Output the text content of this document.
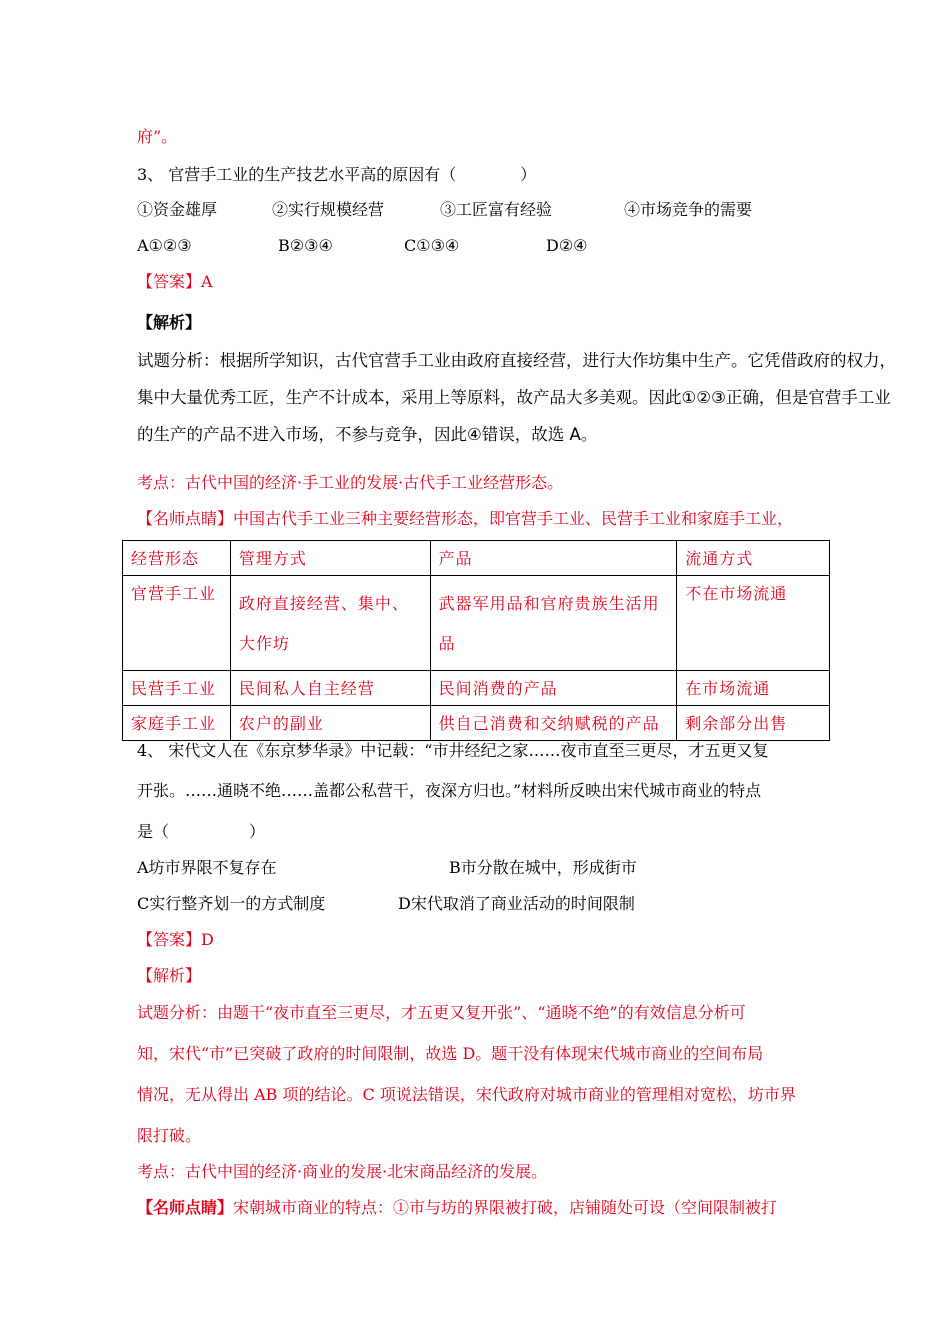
府”。
3、 官营手工业的生产技艺水平高的原因有（　　　　）
①资金雄厚	②实行规模经营	③工匠富有经验	④市场竞争的需要
A①②③	B②③④	C①③④	D②④
【答案】A
【解析】
试题分析：根据所学知识，古代官营手工业由政府直接经营，进行大作坊集中生产。它凭借政府的权力，
集中大量优秀工匠，生产不计成本，采用上等原料，故产品大多美观。因此①②③正确，但是官营手工业
的生产的产品不进入市场，不参与竞争，因此④错误，故选 A。
考点：古代中国的经济·手工业的发展·古代手工业经营形态。
【名师点睛】中国古代手工业三种主要经营形态，即官营手工业、民营手工业和家庭手工业，
经营形态	管理方式	产品	流通方式

官营手工业	政府直接经营、集中、大作坊	武器军用品和官府贵族生活用品	不在市场流通

民营手工业	民间私人自主经营	民间消费的产品	在市场流通

家庭手工业	农户的副业	供自己消费和交纳赋税的产品	剩余部分出售
4、 宋代文人在《东京梦华录》中记载：“市井经纪之家……夜市直至三更尽，才五更又复
开张。……通晓不绝……盖都公私营干，夜深方归也。”材料所反映出宋代城市商业的特点
是（　　　　　）
A坊市界限不复存在	B市分散在城中，形成街市
C实行整齐划一的方式制度	D宋代取消了商业活动的时间限制
【答案】D
【解析】
试题分析：由题干“夜市直至三更尽，才五更又复开张”、“通晓不绝”的有效信息分析可
知，宋代“市”已突破了政府的时间限制，故选 D。题干没有体现宋代城市商业的空间布局
情况，无从得出 AB 项的结论。C 项说法错误，宋代政府对城市商业的管理相对宽松，坊市界
限打破。
考点：古代中国的经济·商业的发展·北宋商品经济的发展。
【名师点睛】宋朝城市商业的特点：①市与坊的界限被打破，店铺随处可设（空间限制被打
